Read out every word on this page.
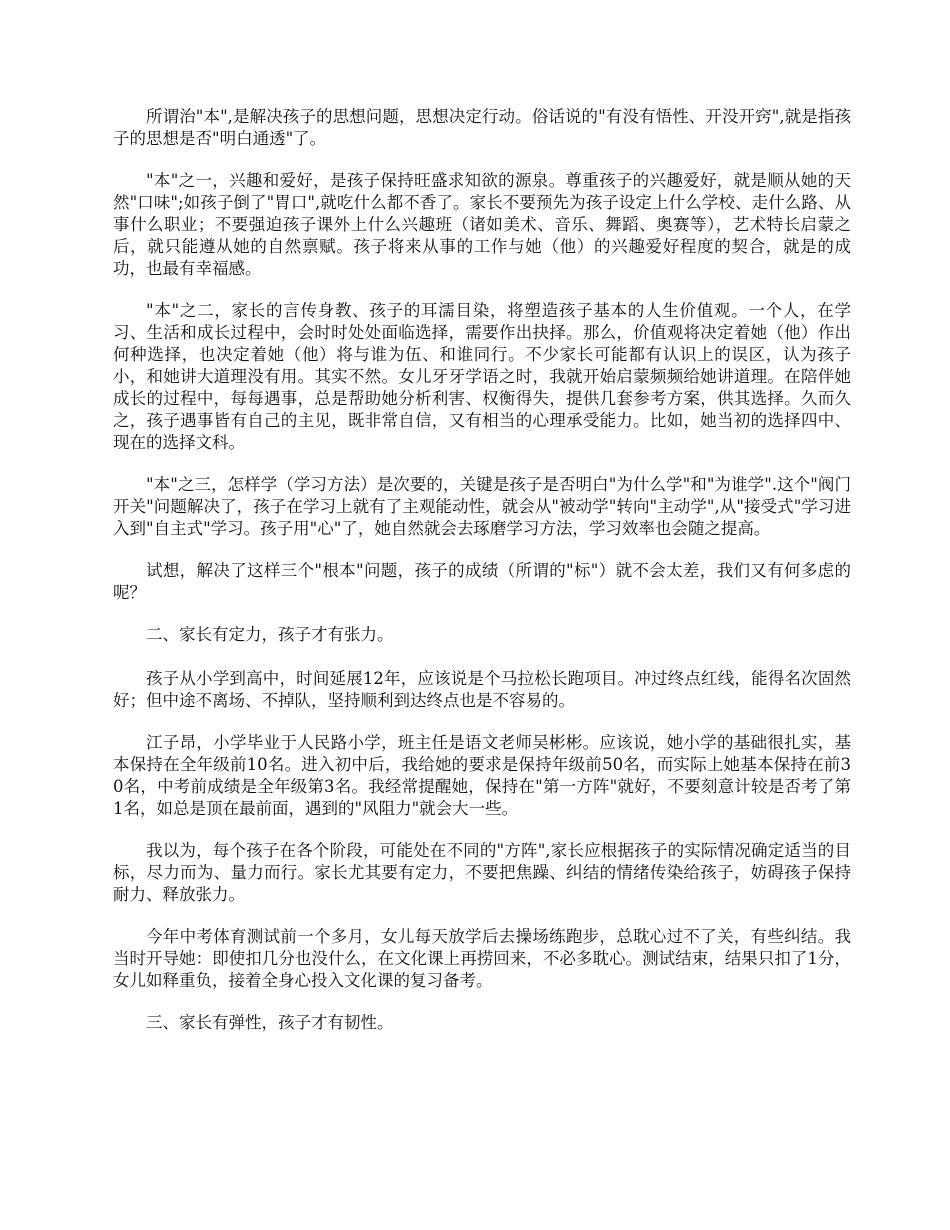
所谓治"本",是解决孩子的思想问题，思想决定行动。俗话说的"有没有悟性、开没开窍",就是指孩子的思想是否"明白通透"了。

"本"之一，兴趣和爱好，是孩子保持旺盛求知欲的源泉。尊重孩子的兴趣爱好，就是顺从她的天然"口味";如孩子倒了"胃口",就吃什么都不香了。家长不要预先为孩子设定上什么学校、走什么路、从事什么职业；不要强迫孩子课外上什么兴趣班（诸如美术、音乐、舞蹈、奥赛等），艺术特长启蒙之后，就只能遵从她的自然禀赋。孩子将来从事的工作与她（他）的兴趣爱好程度的契合，就是的成功，也最有幸福感。

"本"之二，家长的言传身教、孩子的耳濡目染，将塑造孩子基本的人生价值观。一个人，在学习、生活和成长过程中，会时时处处面临选择，需要作出抉择。那么，价值观将决定着她（他）作出何种选择，也决定着她（他）将与谁为伍、和谁同行。不少家长可能都有认识上的误区，认为孩子小，和她讲大道理没有用。其实不然。女儿牙牙学语之时，我就开始启蒙频频给她讲道理。在陪伴她成长的过程中，每每遇事，总是帮助她分析利害、权衡得失，提供几套参考方案，供其选择。久而久之，孩子遇事皆有自己的主见，既非常自信，又有相当的心理承受能力。比如，她当初的选择四中、现在的选择文科。

"本"之三，怎样学（学习方法）是次要的，关键是孩子是否明白"为什么学"和"为谁学".这个"阀门开关"问题解决了，孩子在学习上就有了主观能动性，就会从"被动学"转向"主动学",从"接受式"学习进入到"自主式"学习。孩子用"心"了，她自然就会去琢磨学习方法，学习效率也会随之提高。

试想，解决了这样三个"根本"问题，孩子的成绩（所谓的"标"）就不会太差，我们又有何多虑的呢？

二、家长有定力，孩子才有张力。

孩子从小学到高中，时间延展12年，应该说是个马拉松长跑项目。冲过终点红线，能得名次固然好；但中途不离场、不掉队，坚持顺利到达终点也是不容易的。

江子昂，小学毕业于人民路小学，班主任是语文老师吴彬彬。应该说，她小学的基础很扎实，基本保持在全年级前10名。进入初中后，我给她的要求是保持年级前50名，而实际上她基本保持在前30名，中考前成绩是全年级第3名。我经常提醒她，保持在"第一方阵"就好，不要刻意计较是否考了第1名，如总是顶在最前面，遇到的"风阻力"就会大一些。

我以为，每个孩子在各个阶段，可能处在不同的"方阵",家长应根据孩子的实际情况确定适当的目标，尽力而为、量力而行。家长尤其要有定力，不要把焦躁、纠结的情绪传染给孩子，妨碍孩子保持耐力、释放张力。

今年中考体育测试前一个多月，女儿每天放学后去操场练跑步，总耽心过不了关，有些纠结。我当时开导她：即使扣几分也没什么，在文化课上再捞回来，不必多耽心。测试结束，结果只扣了1分，女儿如释重负，接着全身心投入文化课的复习备考。

三、家长有弹性，孩子才有韧性。
